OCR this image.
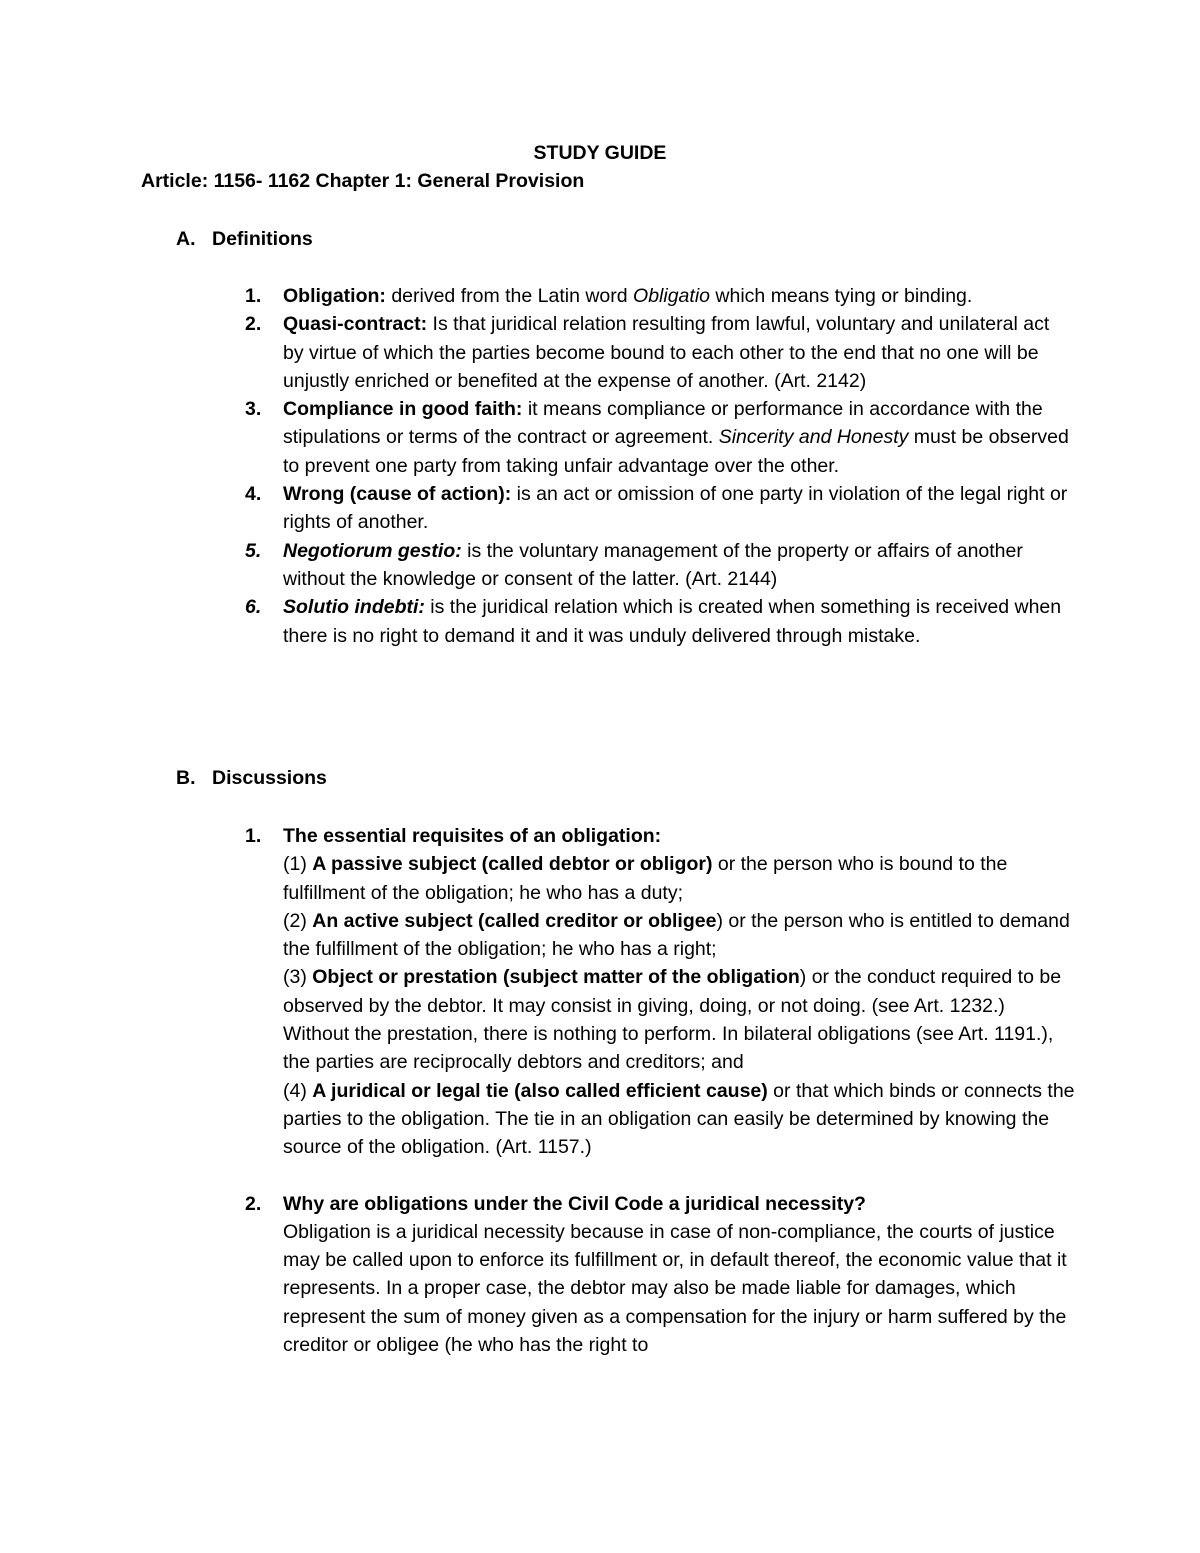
STUDY GUIDE
Article: 1156- 1162 Chapter 1: General Provision
A. Definitions
1. Obligation: derived from the Latin word Obligatio which means tying or binding.
2. Quasi-contract: Is that juridical relation resulting from lawful, voluntary and unilateral act by virtue of which the parties become bound to each other to the end that no one will be unjustly enriched or benefited at the expense of another. (Art. 2142)
3. Compliance in good faith: it means compliance or performance in accordance with the stipulations or terms of the contract or agreement. Sincerity and Honesty must be observed to prevent one party from taking unfair advantage over the other.
4. Wrong (cause of action): is an act or omission of one party in violation of the legal right or rights of another.
5. Negotiorum gestio: is the voluntary management of the property or affairs of another without the knowledge or consent of the latter. (Art. 2144)
6. Solutio indebti: is the juridical relation which is created when something is received when there is no right to demand it and it was unduly delivered through mistake.
B. Discussions
1. The essential requisites of an obligation:
(1) A passive subject (called debtor or obligor) or the person who is bound to the fulfillment of the obligation; he who has a duty;
(2) An active subject (called creditor or obligee) or the person who is entitled to demand the fulfillment of the obligation; he who has a right;
(3) Object or prestation (subject matter of the obligation) or the conduct required to be observed by the debtor. It may consist in giving, doing, or not doing. (see Art. 1232.) Without the prestation, there is nothing to perform. In bilateral obligations (see Art. 1191.), the parties are reciprocally debtors and creditors; and
(4) A juridical or legal tie (also called efficient cause) or that which binds or connects the parties to the obligation. The tie in an obligation can easily be determined by knowing the source of the obligation. (Art. 1157.)
2. Why are obligations under the Civil Code a juridical necessity?
Obligation is a juridical necessity because in case of non-compliance, the courts of justice may be called upon to enforce its fulfillment or, in default thereof, the economic value that it represents. In a proper case, the debtor may also be made liable for damages, which represent the sum of money given as a compensation for the injury or harm suffered by the creditor or obligee (he who has the right to
